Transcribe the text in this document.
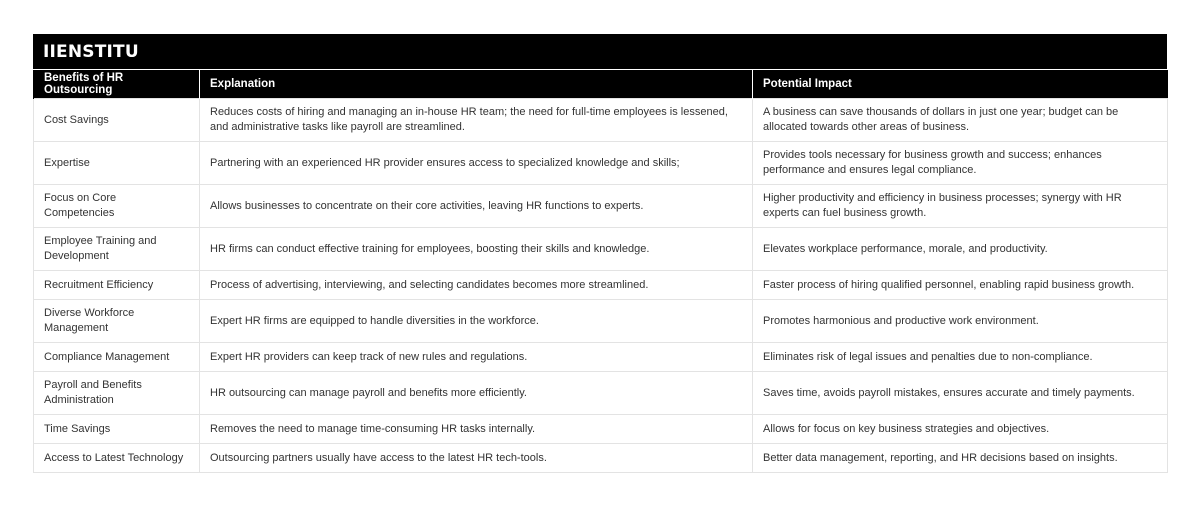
IIENSTITU
Benefits of HR Outsourcing	Explanation	Potential Impact
Cost Savings	Reduces costs of hiring and managing an in-house HR team; the need for full-time employees is lessened, and administrative tasks like payroll are streamlined.	A business can save thousands of dollars in just one year; budget can be allocated towards other areas of business.
Expertise	Partnering with an experienced HR provider ensures access to specialized knowledge and skills;	Provides tools necessary for business growth and success; enhances performance and ensures legal compliance.
Focus on Core Competencies	Allows businesses to concentrate on their core activities, leaving HR functions to experts.	Higher productivity and efficiency in business processes; synergy with HR experts can fuel business growth.
Employee Training and Development	HR firms can conduct effective training for employees, boosting their skills and knowledge.	Elevates workplace performance, morale, and productivity.
Recruitment Efficiency	Process of advertising, interviewing, and selecting candidates becomes more streamlined.	Faster process of hiring qualified personnel, enabling rapid business growth.
Diverse Workforce Management	Expert HR firms are equipped to handle diversities in the workforce.	Promotes harmonious and productive work environment.
Compliance Management	Expert HR providers can keep track of new rules and regulations.	Eliminates risk of legal issues and penalties due to non-compliance.
Payroll and Benefits Administration	HR outsourcing can manage payroll and benefits more efficiently.	Saves time, avoids payroll mistakes, ensures accurate and timely payments.
Time Savings	Removes the need to manage time-consuming HR tasks internally.	Allows for focus on key business strategies and objectives.
Access to Latest Technology	Outsourcing partners usually have access to the latest HR tech-tools.	Better data management, reporting, and HR decisions based on insights.
